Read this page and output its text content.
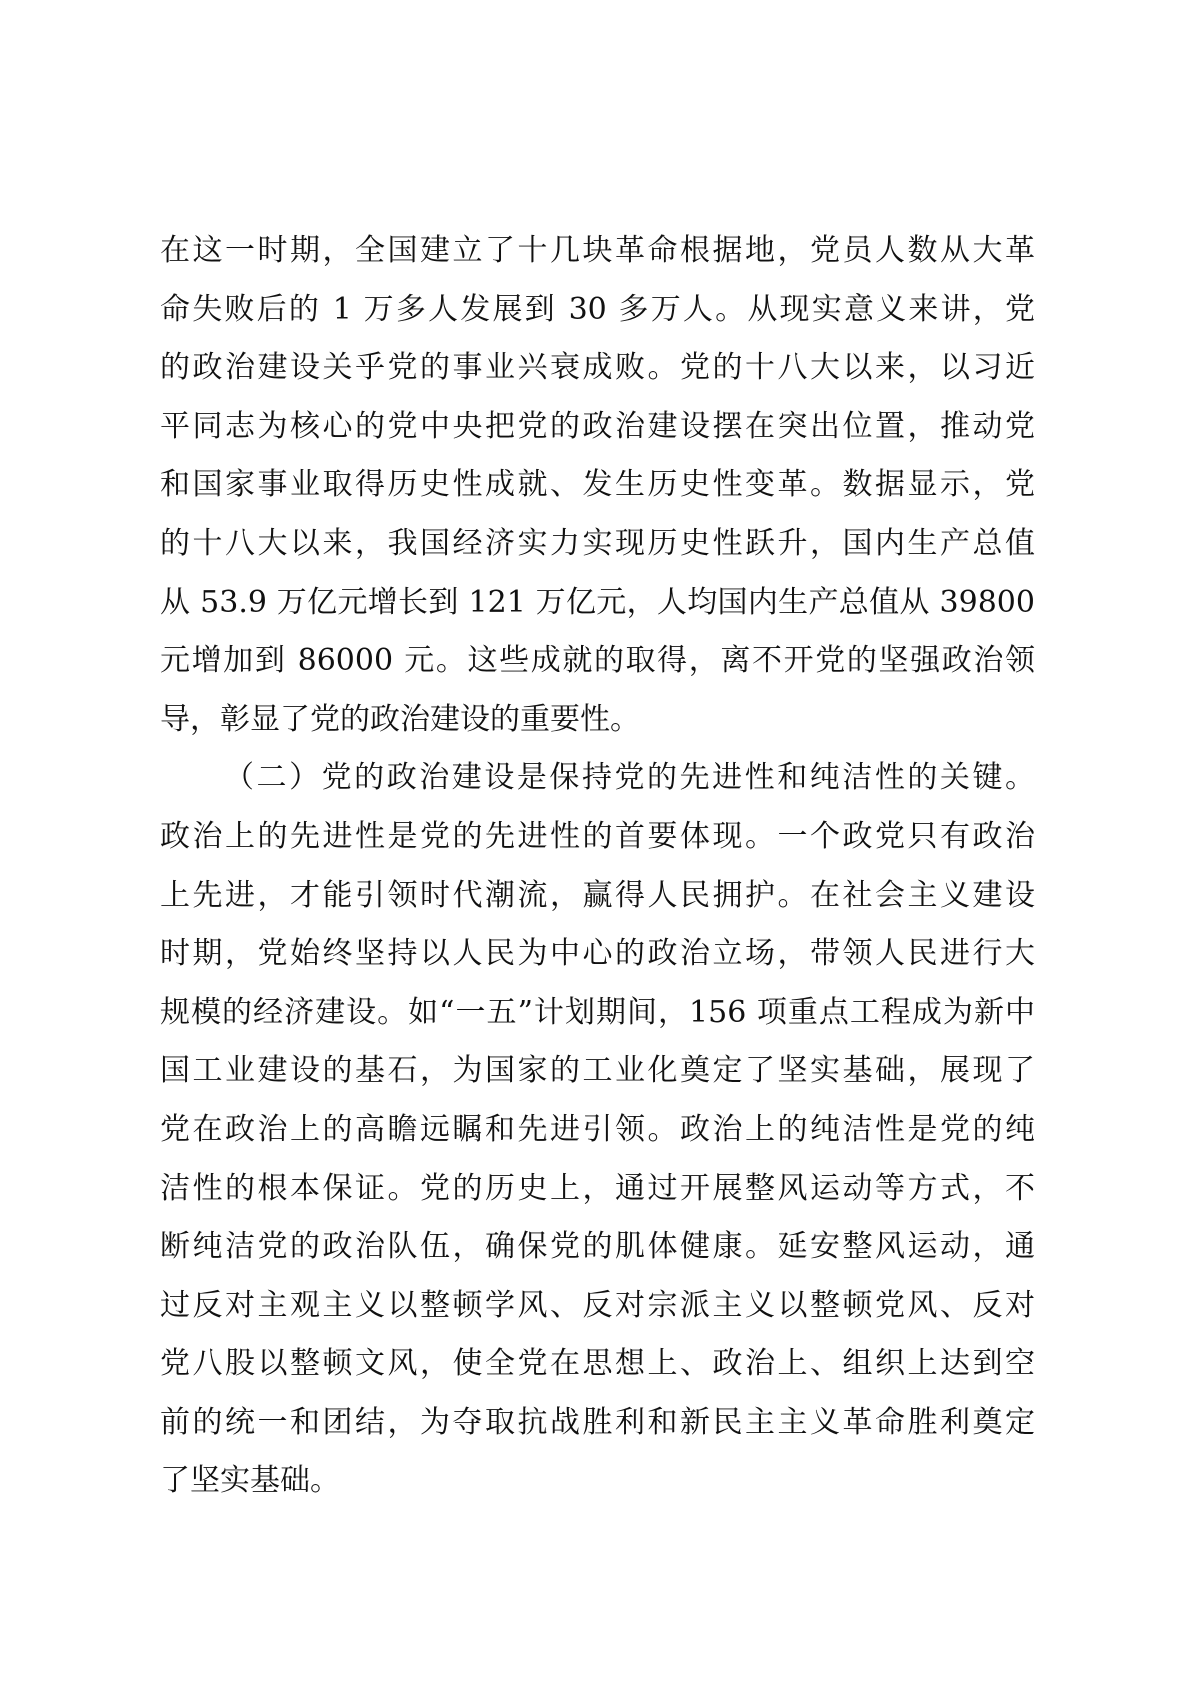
在这一时期，全国建立了十几块革命根据地，党员人数从大革
命失败后的 1 万多人发展到 30 多万人。从现实意义来讲，党
的政治建设关乎党的事业兴衰成败。党的十八大以来，以习近
平同志为核心的党中央把党的政治建设摆在突出位置，推动党
和国家事业取得历史性成就、发生历史性变革。数据显示，党
的十八大以来，我国经济实力实现历史性跃升，国内生产总值
从 53.9 万亿元增长到 121 万亿元，人均国内生产总值从 39800
元增加到 86000 元。这些成就的取得，离不开党的坚强政治领
导，彰显了党的政治建设的重要性。
（二）党的政治建设是保持党的先进性和纯洁性的关键。
政治上的先进性是党的先进性的首要体现。一个政党只有政治
上先进，才能引领时代潮流，赢得人民拥护。在社会主义建设
时期，党始终坚持以人民为中心的政治立场，带领人民进行大
规模的经济建设。如“一五”计划期间，156 项重点工程成为新中
国工业建设的基石，为国家的工业化奠定了坚实基础，展现了
党在政治上的高瞻远瞩和先进引领。政治上的纯洁性是党的纯
洁性的根本保证。党的历史上，通过开展整风运动等方式，不
断纯洁党的政治队伍，确保党的肌体健康。延安整风运动，通
过反对主观主义以整顿学风、反对宗派主义以整顿党风、反对
党八股以整顿文风，使全党在思想上、政治上、组织上达到空
前的统一和团结，为夺取抗战胜利和新民主主义革命胜利奠定
了坚实基础。
